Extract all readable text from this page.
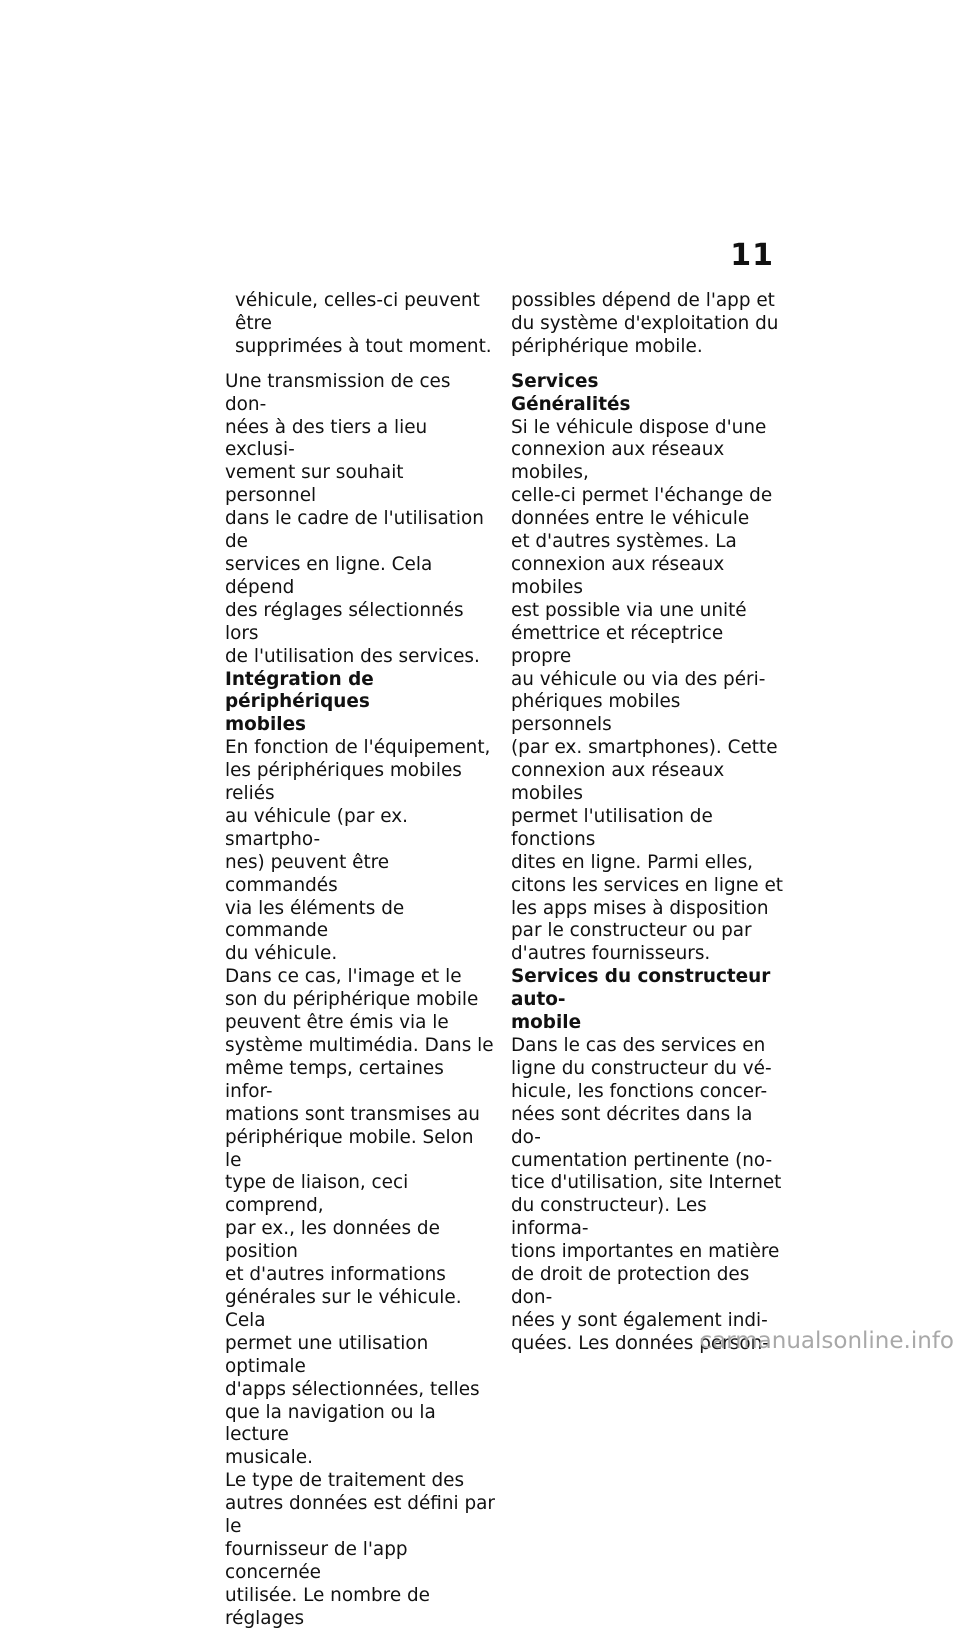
11

véhicule, celles-ci peuvent être
supprimées à tout moment.

Une transmission de ces don-
nées à des tiers a lieu exclusi-
vement sur souhait personnel
dans le cadre de l'utilisation de
services en ligne. Cela dépend
des réglages sélectionnés lors
de l'utilisation des services.

Intégration de périphériques
mobiles

En fonction de l'équipement,
les périphériques mobiles reliés
au véhicule (par ex. smartpho-
nes) peuvent être commandés
via les éléments de commande
du véhicule.

Dans ce cas, l'image et le
son du périphérique mobile
peuvent être émis via le
système multimédia. Dans le
même temps, certaines infor-
mations sont transmises au
périphérique mobile. Selon le
type de liaison, ceci comprend,
par ex., les données de position
et d'autres informations
générales sur le véhicule. Cela
permet une utilisation optimale
d'apps sélectionnées, telles
que la navigation ou la lecture
musicale.

Le type de traitement des
autres données est défini par le
fournisseur de l'app concernée
utilisée. Le nombre de réglages

possibles dépend de l'app et
du système d'exploitation du
périphérique mobile.

Services

Généralités

Si le véhicule dispose d'une
connexion aux réseaux mobiles,
celle-ci permet l'échange de
données entre le véhicule
et d'autres systèmes. La
connexion aux réseaux mobiles
est possible via une unité
émettrice et réceptrice propre
au véhicule ou via des péri-
phériques mobiles personnels
(par ex. smartphones). Cette
connexion aux réseaux mobiles
permet l'utilisation de fonctions
dites en ligne. Parmi elles,
citons les services en ligne et
les apps mises à disposition
par le constructeur ou par
d'autres fournisseurs.

Services du constructeur auto-
mobile

Dans le cas des services en
ligne du constructeur du vé-
hicule, les fonctions concer-
nées sont décrites dans la do-
cumentation pertinente (no-
tice d'utilisation, site Internet
du constructeur). Les informa-
tions importantes en matière
de droit de protection des don-
nées y sont également indi-
quées. Les données person-

carmanualsonline.info
